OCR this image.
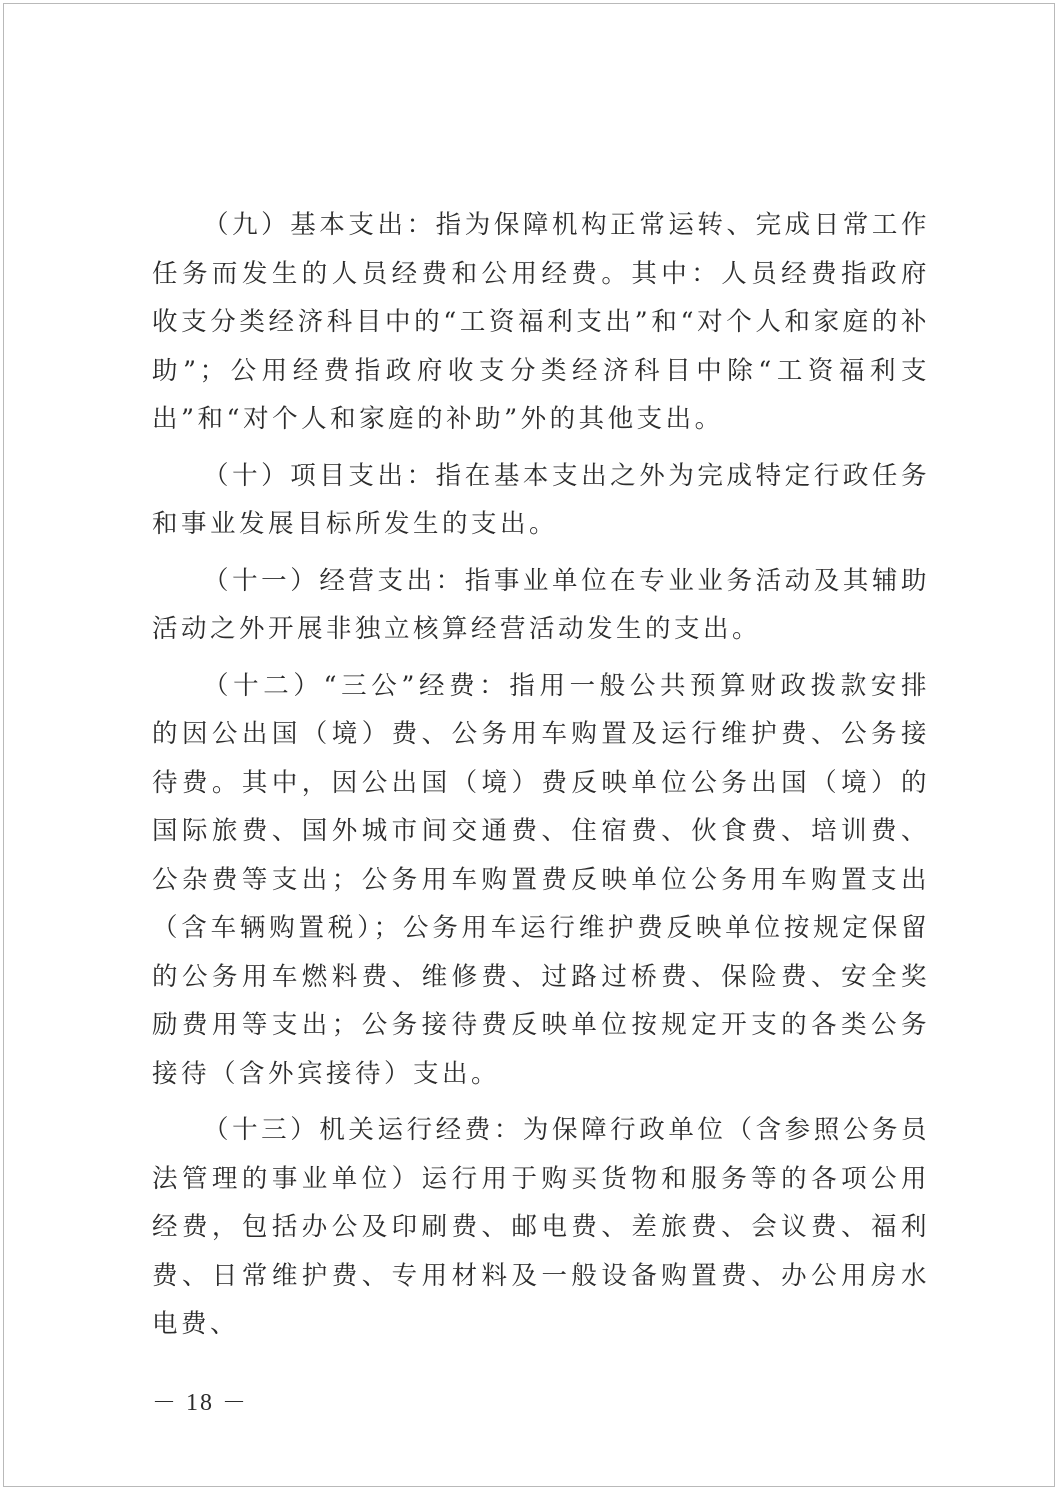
（九）基本支出：指为保障机构正常运转、完成日常工作任务而发生的人员经费和公用经费。其中：人员经费指政府收支分类经济科目中的“工资福利支出”和“对个人和家庭的补助”；公用经费指政府收支分类经济科目中除“工资福利支出”和“对个人和家庭的补助”外的其他支出。

（十）项目支出：指在基本支出之外为完成特定行政任务和事业发展目标所发生的支出。

（十一）经营支出：指事业单位在专业业务活动及其辅助活动之外开展非独立核算经营活动发生的支出。

（十二）“三公”经费：指用一般公共预算财政拨款安排的因公出国（境）费、公务用车购置及运行维护费、公务接待费。其中，因公出国（境）费反映单位公务出国（境）的国际旅费、国外城市间交通费、住宿费、伙食费、培训费、公杂费等支出；公务用车购置费反映单位公务用车购置支出（含车辆购置税）；公务用车运行维护费反映单位按规定保留的公务用车燃料费、维修费、过路过桥费、保险费、安全奖励费用等支出；公务接待费反映单位按规定开支的各类公务接待（含外宾接待）支出。

（十三）机关运行经费：为保障行政单位（含参照公务员法管理的事业单位）运行用于购买货物和服务等的各项公用经费，包括办公及印刷费、邮电费、差旅费、会议费、福利费、日常维护费、专用材料及一般设备购置费、办公用房水电费、

－ 18 －
